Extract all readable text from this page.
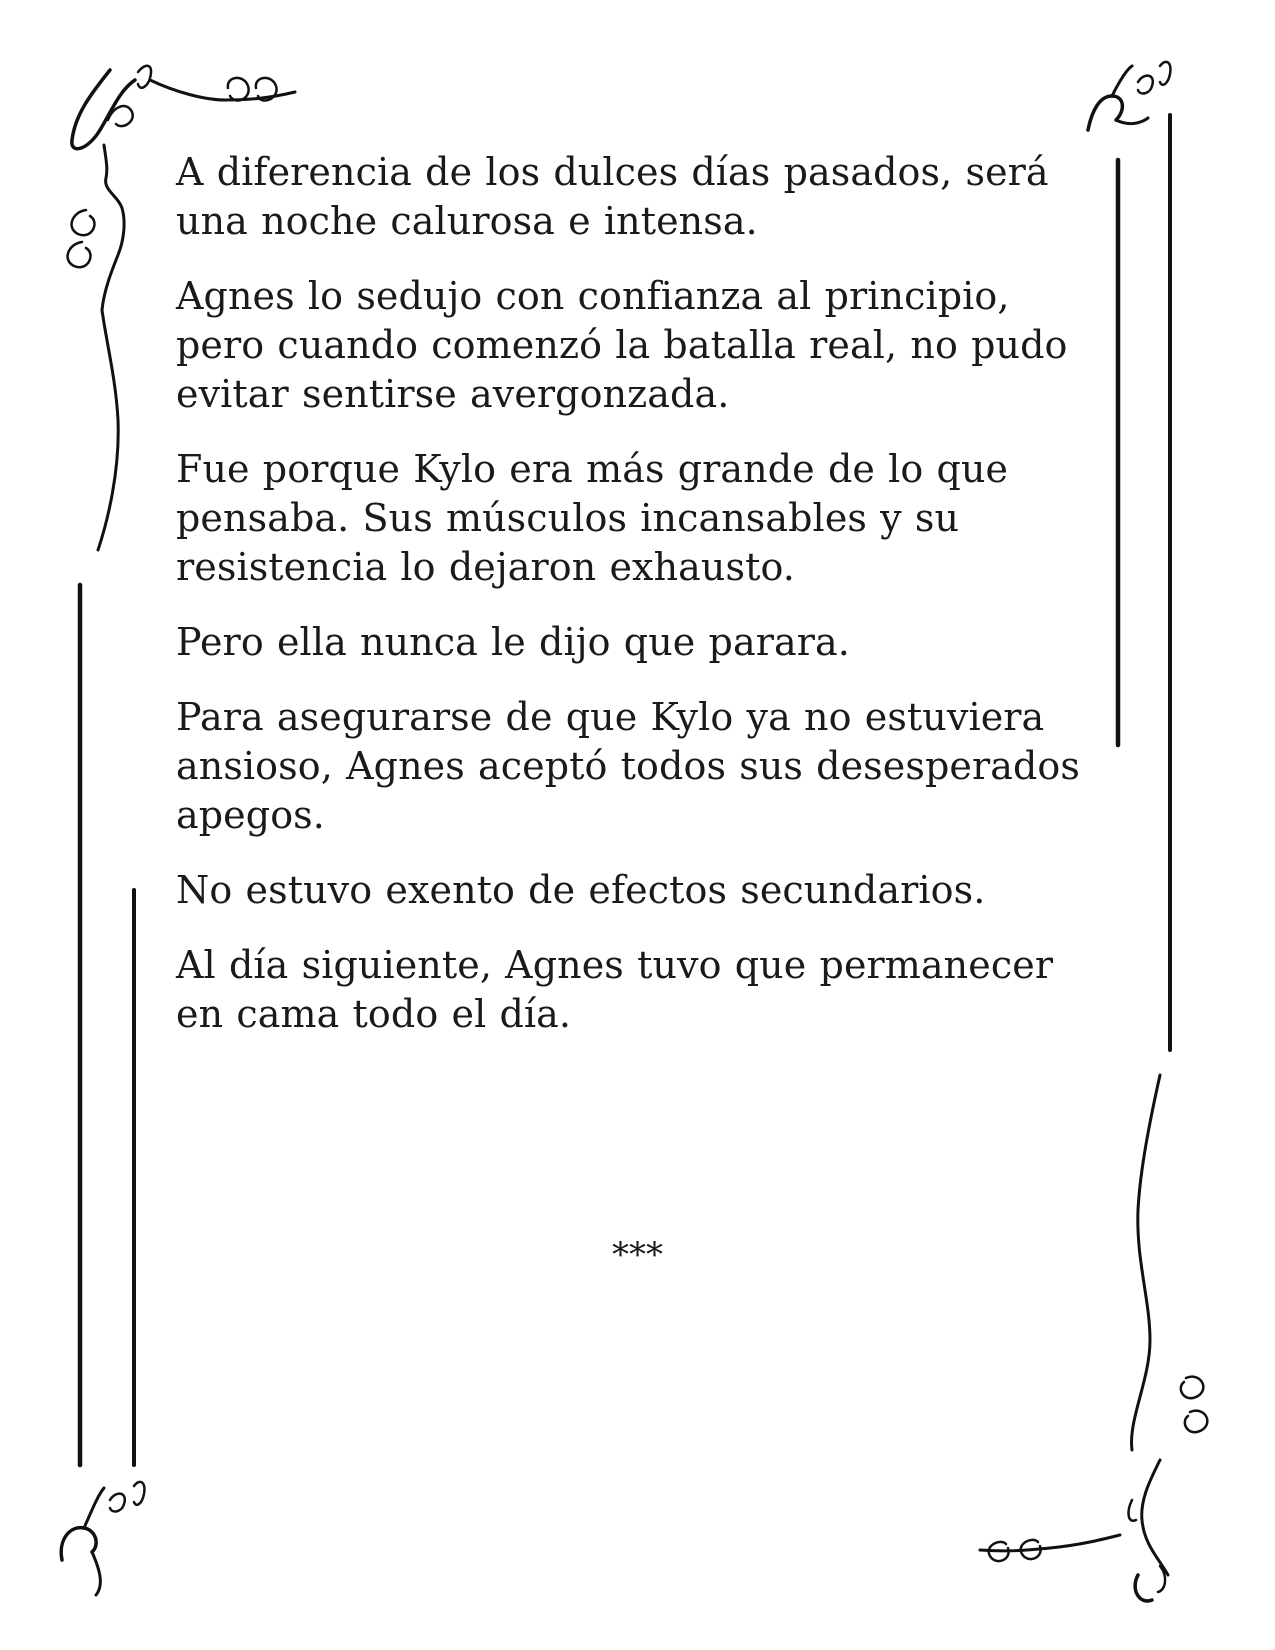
A diferencia de los dulces días pasados, será una noche calurosa e intensa.

Agnes lo sedujo con confianza al principio, pero cuando comenzó la batalla real, no pudo evitar sentirse avergonzada.

Fue porque Kylo era más grande de lo que pensaba. Sus músculos incansables y su resistencia lo dejaron exhausto.

Pero ella nunca le dijo que parara.

Para asegurarse de que Kylo ya no estuviera ansioso, Agnes aceptó todos sus desesperados apegos.

No estuvo exento de efectos secundarios.

Al día siguiente, Agnes tuvo que permanecer en cama todo el día.

***
